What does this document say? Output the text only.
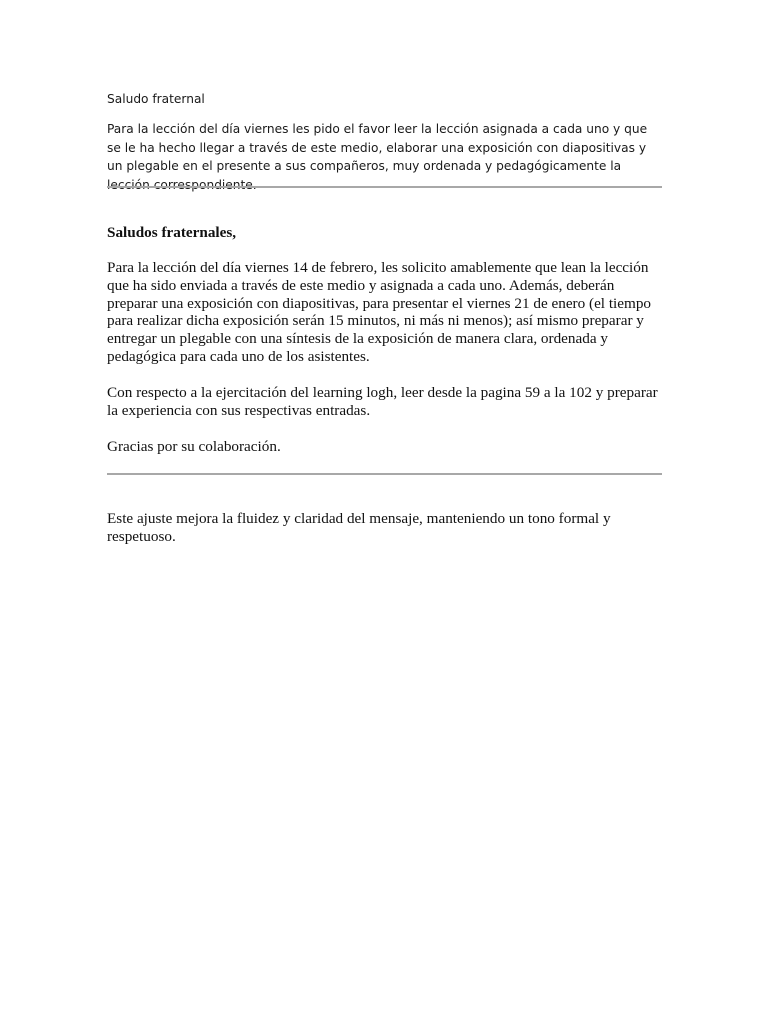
Saludo fraternal

Para la lección del día viernes les pido el favor leer la lección asignada a cada uno y que se le ha hecho llegar a través de este medio, elaborar una exposición con diapositivas y un plegable en el presente a sus compañeros, muy ordenada y pedagógicamente la lección correspondiente.

Saludos fraternales,

Para la lección del día viernes 14 de febrero, les solicito amablemente que lean la lección que ha sido enviada a través de este medio y asignada a cada uno. Además, deberán preparar una exposición con diapositivas, para presentar el viernes 21 de enero (el tiempo para realizar dicha exposición serán 15 minutos, ni más ni menos); así mismo preparar y entregar un plegable con una síntesis de la exposición de manera clara, ordenada y pedagógica para cada uno de los asistentes.

Con respecto a la ejercitación del learning logh, leer desde la pagina 59 a la 102 y preparar la experiencia con sus respectivas entradas.

Gracias por su colaboración.

Este ajuste mejora la fluidez y claridad del mensaje, manteniendo un tono formal y respetuoso.
